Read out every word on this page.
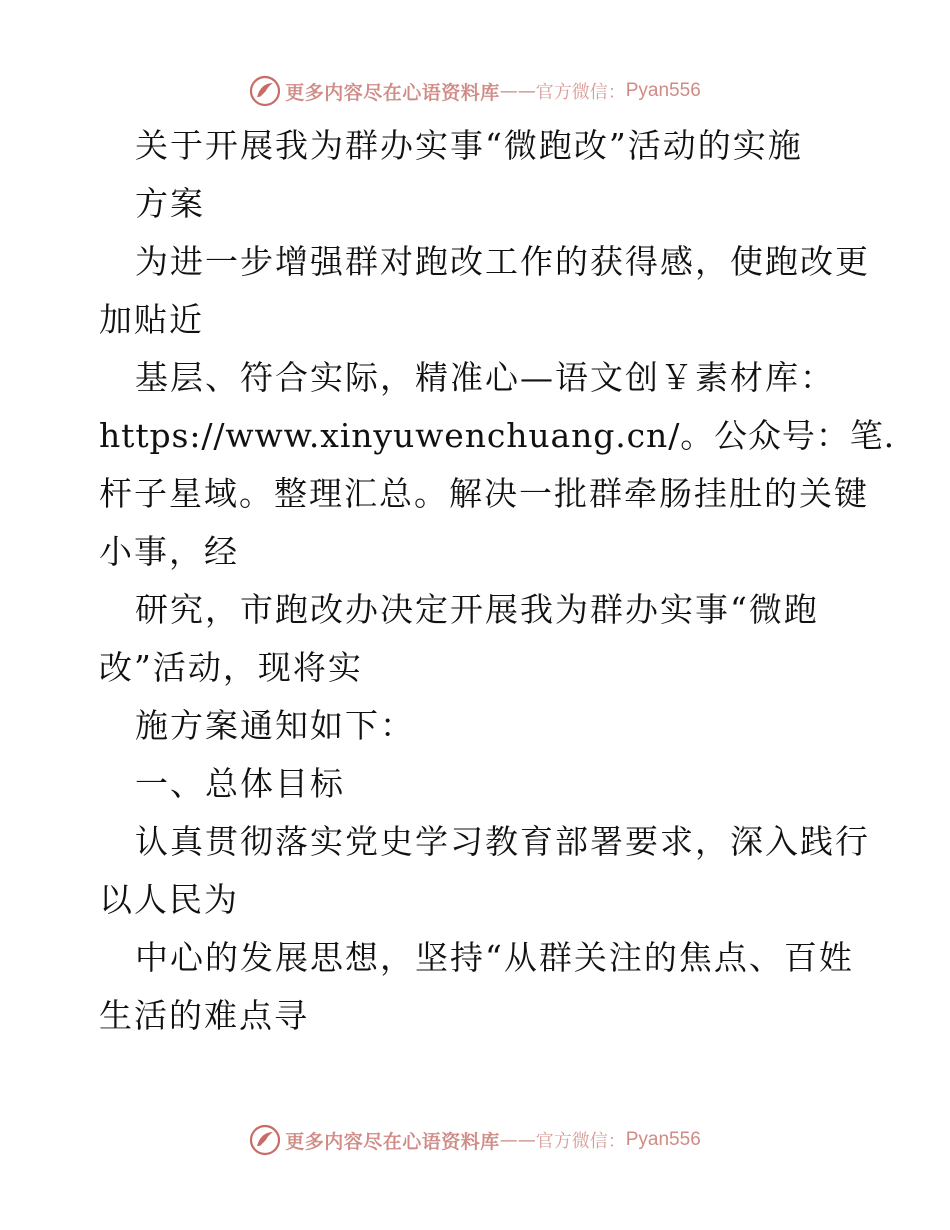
更多内容尽在心语资料库 —— 官方微信： Pyan556
关于开展我为群办实事“微跑改”活动的实施
方案
为进一步增强群对跑改工作的获得感，使跑改更
加贴近
基层、符合实际，精准心—语文创￥素材库：
https://www.xinyuwenchuang.cn/。公众号：笔.
杆子星域。整理汇总。解决一批群牵肠挂肚的关键
小事，经
研究，市跑改办决定开展我为群办实事“微跑
改”活动，现将实
施方案通知如下：
一、总体目标
认真贯彻落实党史学习教育部署要求，深入践行
以人民为
中心的发展思想，坚持“从群关注的焦点、百姓
生活的难点寻
更多内容尽在心语资料库 —— 官方微信： Pyan556
